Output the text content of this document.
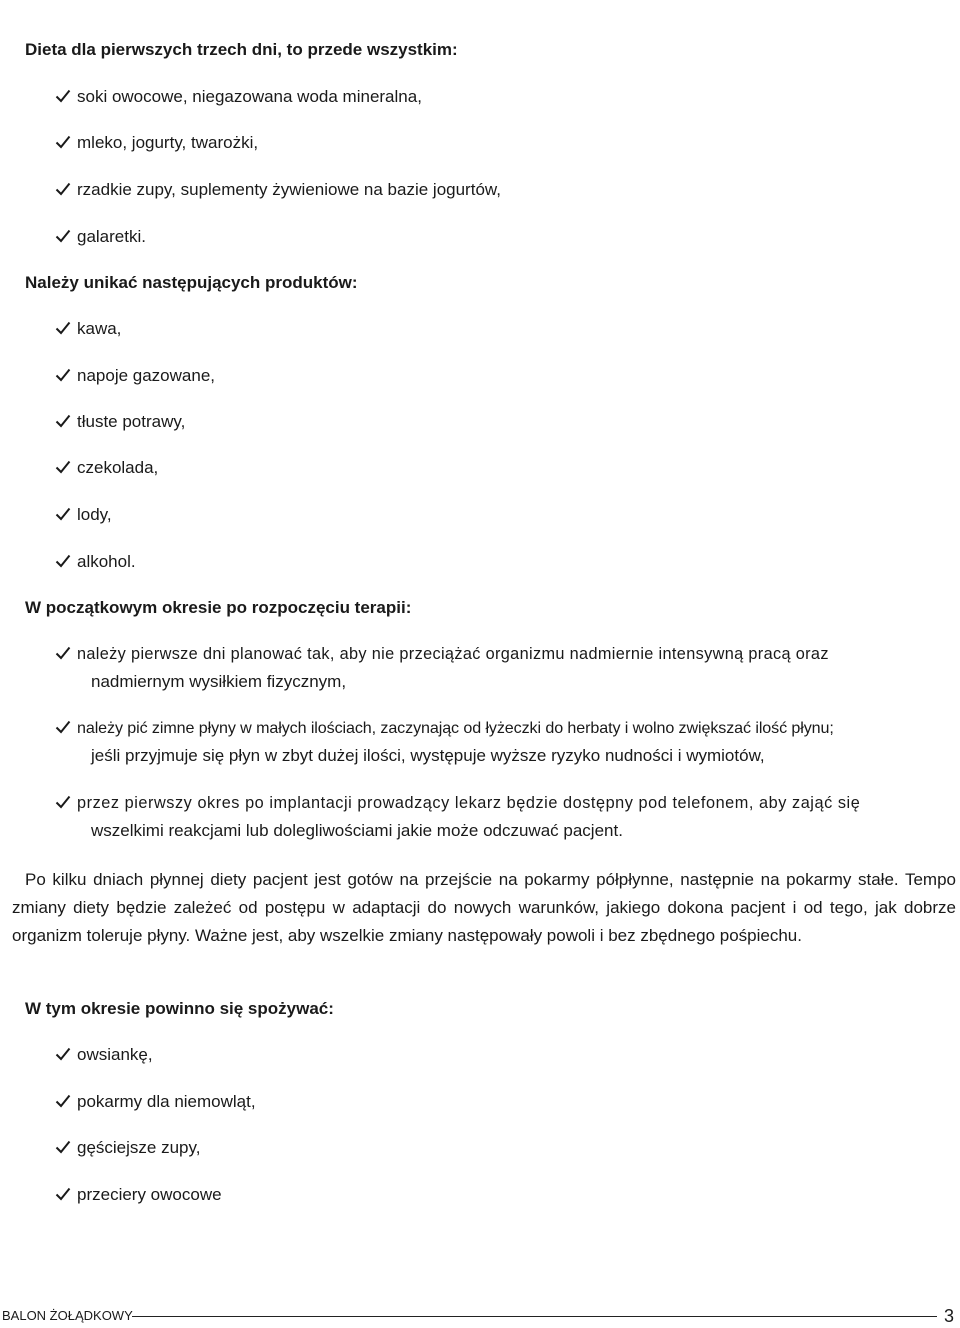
Dieta dla pierwszych trzech dni, to przede wszystkim:
soki owocowe, niegazowana woda mineralna,
mleko, jogurty, twarożki,
rzadkie zupy, suplementy żywieniowe na bazie jogurtów,
galaretki.
Należy unikać następujących produktów:
kawa,
napoje gazowane,
tłuste potrawy,
czekolada,
lody,
alkohol.
W początkowym okresie po rozpoczęciu terapii:
należy pierwsze dni planować tak, aby nie przeciążać organizmu nadmiernie intensywną pracą oraz
nadmiernym wysiłkiem fizycznym,
należy pić zimne płyny w małych ilościach, zaczynając od łyżeczki do herbaty i wolno zwiększać ilość płynu;
jeśli przyjmuje się płyn w zbyt dużej ilości, występuje wyższe ryzyko nudności i wymiotów,
przez pierwszy okres po implantacji prowadzący lekarz będzie dostępny pod telefonem, aby zająć się
wszelkimi reakcjami lub dolegliwościami jakie może odczuwać pacjent.
Po kilku dniach płynnej diety pacjent jest gotów na przejście na pokarmy półpłynne, następnie na pokarmy stałe. Tempo zmiany diety będzie zależeć od postępu w adaptacji do nowych warunków, jakiego dokona pacjent i od tego, jak dobrze organizm toleruje płyny. Ważne jest, aby wszelkie zmiany następowały powoli i bez zbędnego pośpiechu.
W tym okresie powinno się spożywać:
owsiankę,
pokarmy dla niemowląt,
gęściejsze zupy,
przeciery owocowe
BALON ŻOŁĄDKOWY	3
